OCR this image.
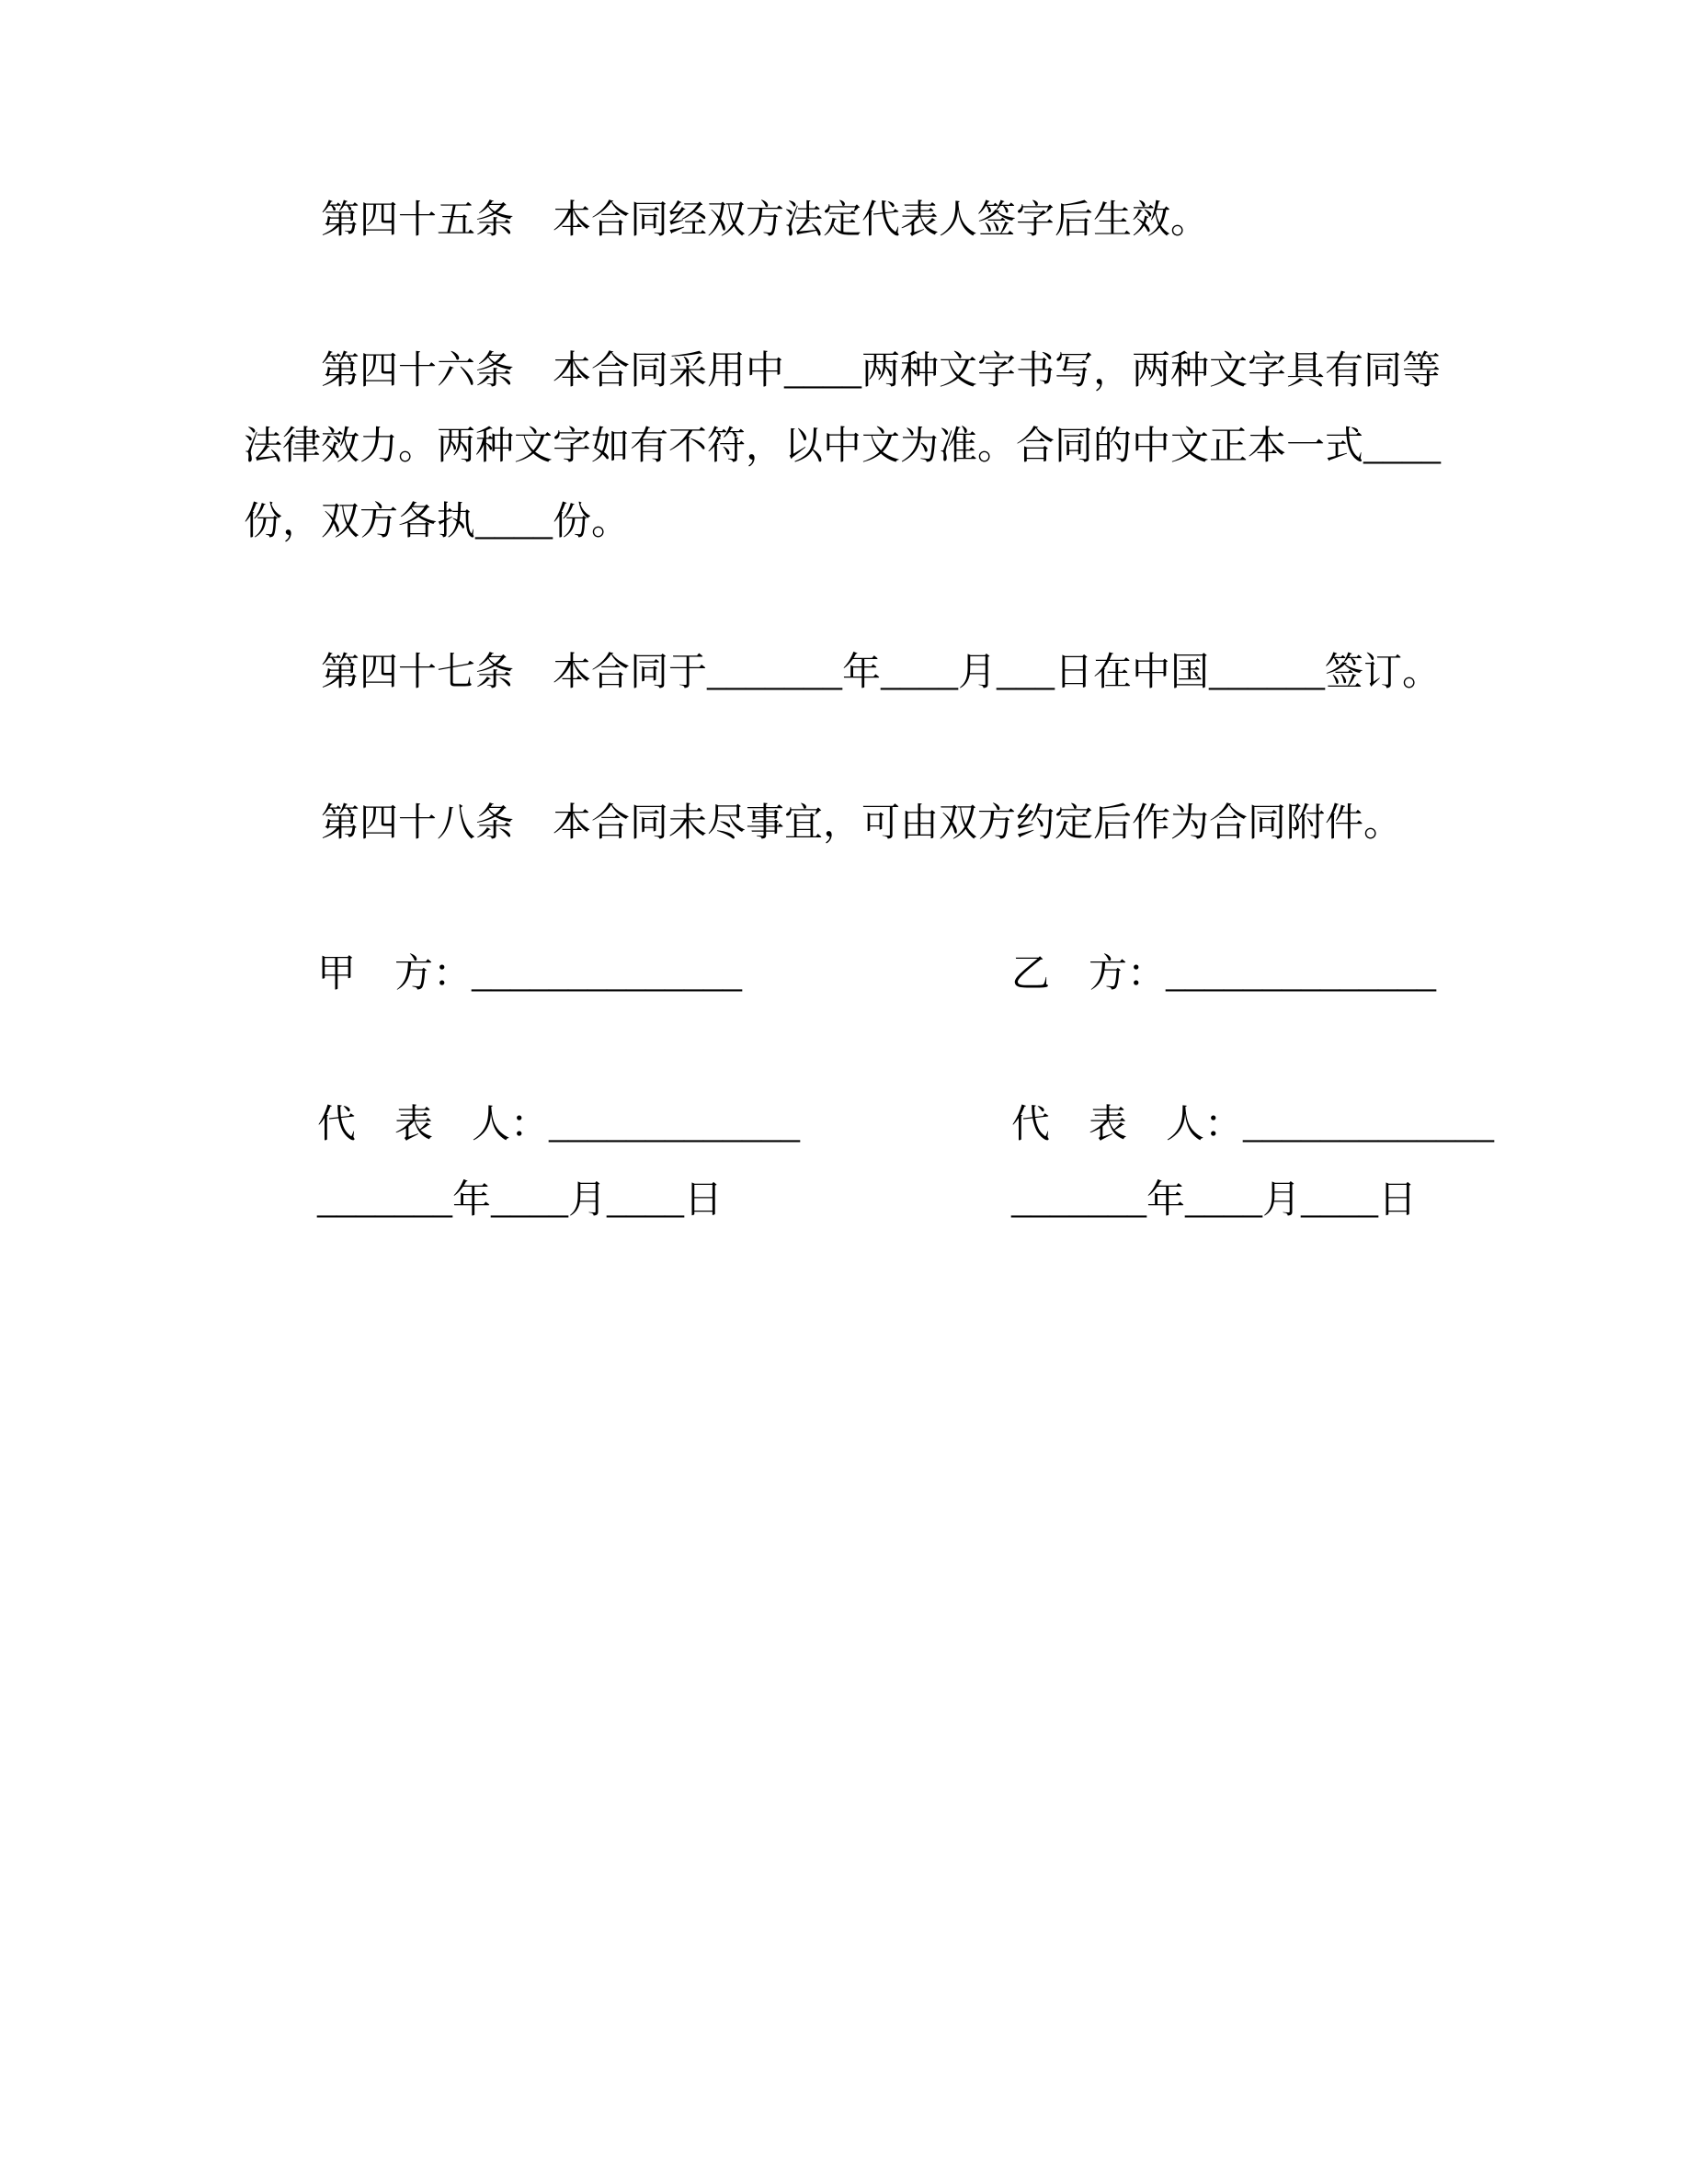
第四十五条　本合同经双方法定代表人签字后生效。

第四十六条　本合同采用中____两种文字书写，两种文字具有同等法律效力。两种文字如有不符，以中文为准。合同的中文正本一式____份，双方各执____份。

第四十七条　本合同于_______年____月___日在中国______签订。

第四十八条　本合同未尽事宜，可由双方约定后作为合同附件。

甲　方：______________	乙　方：______________
代　表　人：_____________	代　表　人：_____________
_______年____月____日	_______年____月____日
